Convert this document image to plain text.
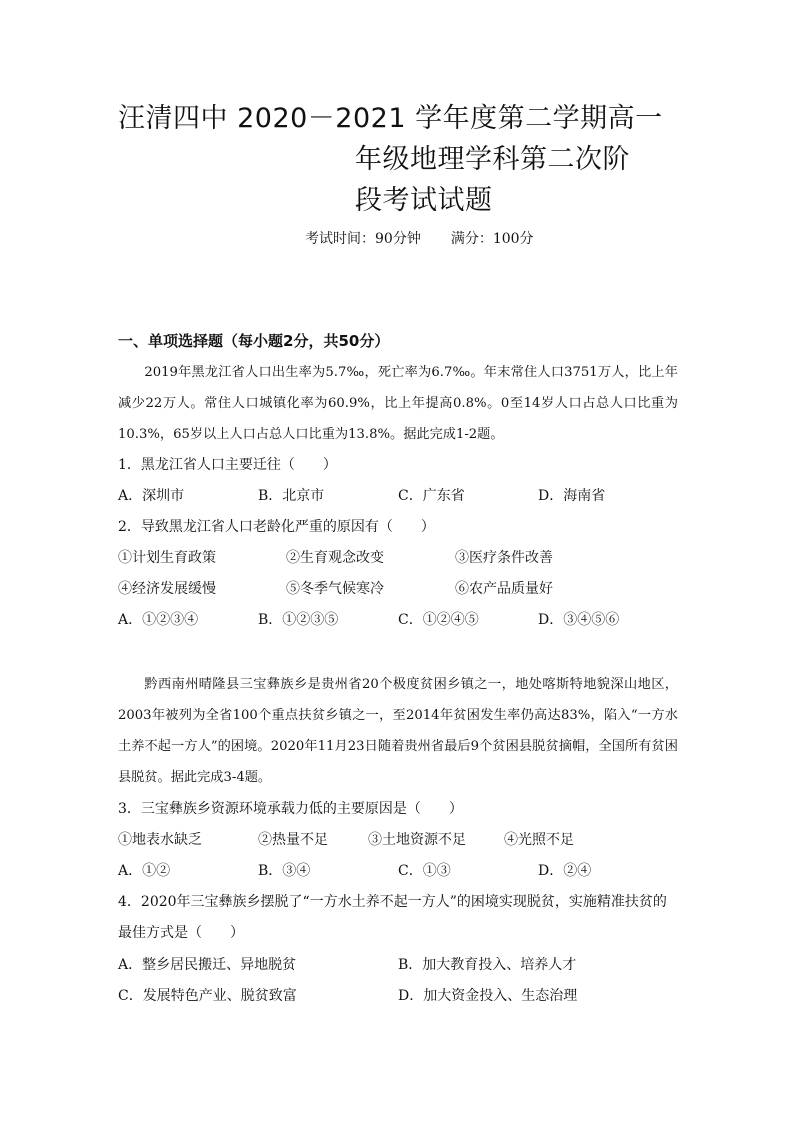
汪清四中 2020－2021 学年度第二学期高一
年级地理学科第二次阶
段考试试题
考试时间：90分钟 满分：100分
一、单项选择题（每小题2分，共50分）
2019年黑龙江省人口出生率为5.7‰，死亡率为6.7‰。年末常住人口3751万人，比上年减少22万人。常住人口城镇化率为60.9%，比上年提高0.8%。0至14岁人口占总人口比重为10.3%，65岁以上人口占总人口比重为13.8%。据此完成1-2题。
1．黑龙江省人口主要迁往（　　）
A．深圳市	B．北京市	C．广东省	D．海南省
2．导致黑龙江省人口老龄化严重的原因有（　　）
①计划生育政策	②生育观念改变	③医疗条件改善
④经济发展缓慢	⑤冬季气候寒冷	⑥农产品质量好
A．①②③④	B．①②③⑤	C．①②④⑤	D．③④⑤⑥
黔西南州晴隆县三宝彝族乡是贵州省20个极度贫困乡镇之一，地处喀斯特地貌深山地区，2003年被列为全省100个重点扶贫乡镇之一，至2014年贫困发生率仍高达83%，陷入“一方水土养不起一方人”的困境。2020年11月23日随着贵州省最后9个贫困县脱贫摘帽，全国所有贫困县脱贫。据此完成3-4题。
3．三宝彝族乡资源环境承载力低的主要原因是（　　）
①地表水缺乏	②热量不足	③土地资源不足	④光照不足
A．①②	B．③④	C．①③	D．②④
4．2020年三宝彝族乡摆脱了“一方水土养不起一方人”的困境实现脱贫，实施精准扶贫的最佳方式是（　　）
A．整乡居民搬迁、异地脱贫	B．加大教育投入、培养人才
C．发展特色产业、脱贫致富	D．加大资金投入、生态治理
